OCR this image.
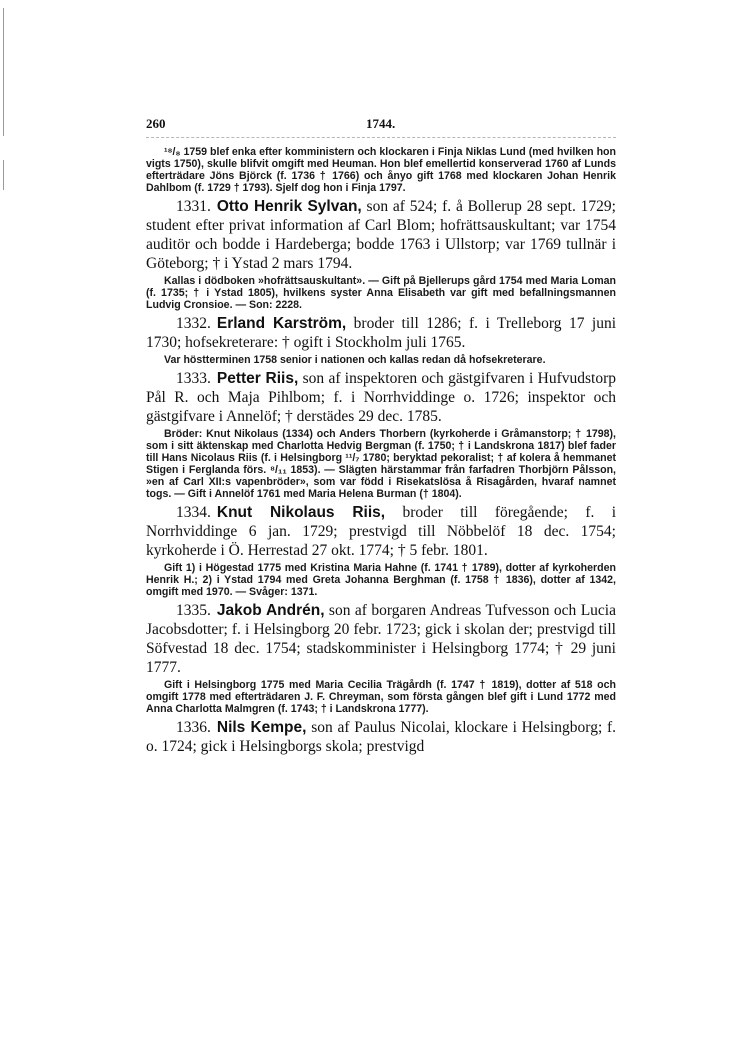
260	1744.

¹⁸/₈ 1759 blef enka efter komministern och klockaren i Finja Niklas Lund (med hvilken hon vigts 1750), skulle blifvit omgift med Heuman. Hon blef emellertid konserverad 1760 af Lunds efterträdare Jöns Björck (f. 1736 † 1766) och ånyo gift 1768 med klockaren Johan Henrik Dahlbom (f. 1729 † 1793). Sjelf dog hon i Finja 1797.

1331. Otto Henrik Sylvan, son af 524; f. å Bollerup 28 sept. 1729; student efter privat information af Carl Blom; hofrättsauskultant; var 1754 auditör och bodde i Hardeberga; bodde 1763 i Ullstorp; var 1769 tullnär i Göteborg; † i Ystad 2 mars 1794.

Kallas i dödboken »hofrättsauskultant». — Gift på Bjellerups gård 1754 med Maria Loman (f. 1735; † i Ystad 1805), hvilkens syster Anna Elisabeth var gift med befallningsmannen Ludvig Cronsioe. — Son: 2228.

1332. Erland Karström, broder till 1286; f. i Trelleborg 17 juni 1730; hofsekreterare: † ogift i Stockholm juli 1765.

Var höstterminen 1758 senior i nationen och kallas redan då hofsekreterare.

1333. Petter Riis, son af inspektoren och gästgifvaren i Hufvudstorp Pål R. och Maja Pihlbom; f. i Norrhviddinge o. 1726; inspektor och gästgifvare i Annelöf; † derstädes 29 dec. 1785.

Bröder: Knut Nikolaus (1334) och Anders Thorbern (kyrkoherde i Gråmanstorp; † 1798), som i sitt äktenskap med Charlotta Hedvig Bergman (f. 1750; † i Landskrona 1817) blef fader till Hans Nicolaus Riis (f. i Helsingborg ¹¹/₇ 1780; beryktad pekoralist; † af kolera å hemmanet Stigen i Ferglanda förs. ⁸/₁₁ 1853). — Slägten härstammar från farfadren Thorbjörn Pålsson, »en af Carl XII:s vapenbröder», som var född i Risekatslösa å Risagården, hvaraf namnet togs. — Gift i Annelöf 1761 med Maria Helena Burman († 1804).

1334. Knut Nikolaus Riis, broder till föregående; f. i Norrhviddinge 6 jan. 1729; prestvigd till Nöbbelöf 18 dec. 1754; kyrkoherde i Ö. Herrestad 27 okt. 1774; † 5 febr. 1801.

Gift 1) i Högestad 1775 med Kristina Maria Hahne (f. 1741 † 1789), dotter af kyrkoherden Henrik H.; 2) i Ystad 1794 med Greta Johanna Berghman (f. 1758 † 1836), dotter af 1342, omgift med 1970. — Svåger: 1371.

1335. Jakob Andrén, son af borgaren Andreas Tufvesson och Lucia Jacobsdotter; f. i Helsingborg 20 febr. 1723; gick i skolan der; prestvigd till Söfvestad 18 dec. 1754; stadskomminister i Helsingborg 1774; † 29 juni 1777.

Gift i Helsingborg 1775 med Maria Cecilia Trägårdh (f. 1747 † 1819), dotter af 518 och omgift 1778 med efterträdaren J. F. Chreyman, som första gången blef gift i Lund 1772 med Anna Charlotta Malmgren (f. 1743; † i Landskrona 1777).

1336. Nils Kempe, son af Paulus Nicolai, klockare i Helsingborg; f. o. 1724; gick i Helsingborgs skola; prestvigd
